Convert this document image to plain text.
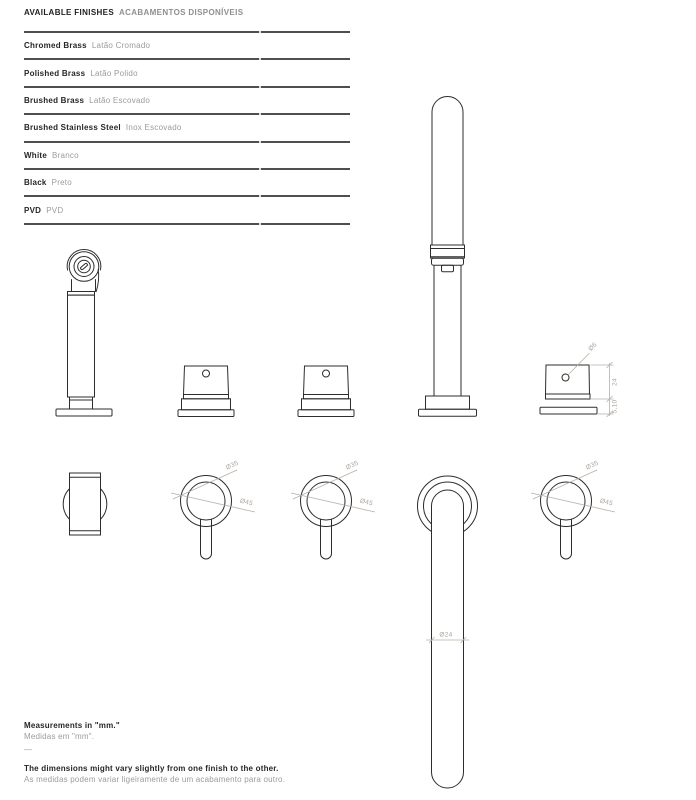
AVAILABLE FINISHES ACABAMENTOS DISPONÍVEIS
Chromed Brass Latão Cromado
Polished Brass Latão Polido
Brushed Brass Latão Escovado
Brushed Stainless Steel Inox Escovado
White Branco
Black Preto
PVD PVD
Ø6
24
5,10
Ø35
Ø45
Ø35
Ø45
Ø24
Ø35
Ø45
Measurements in "mm."
Medidas em "mm".
—
The dimensions might vary slightly from one finish to the other.
As medidas podem variar ligeiramente de um acabamento para outro.
